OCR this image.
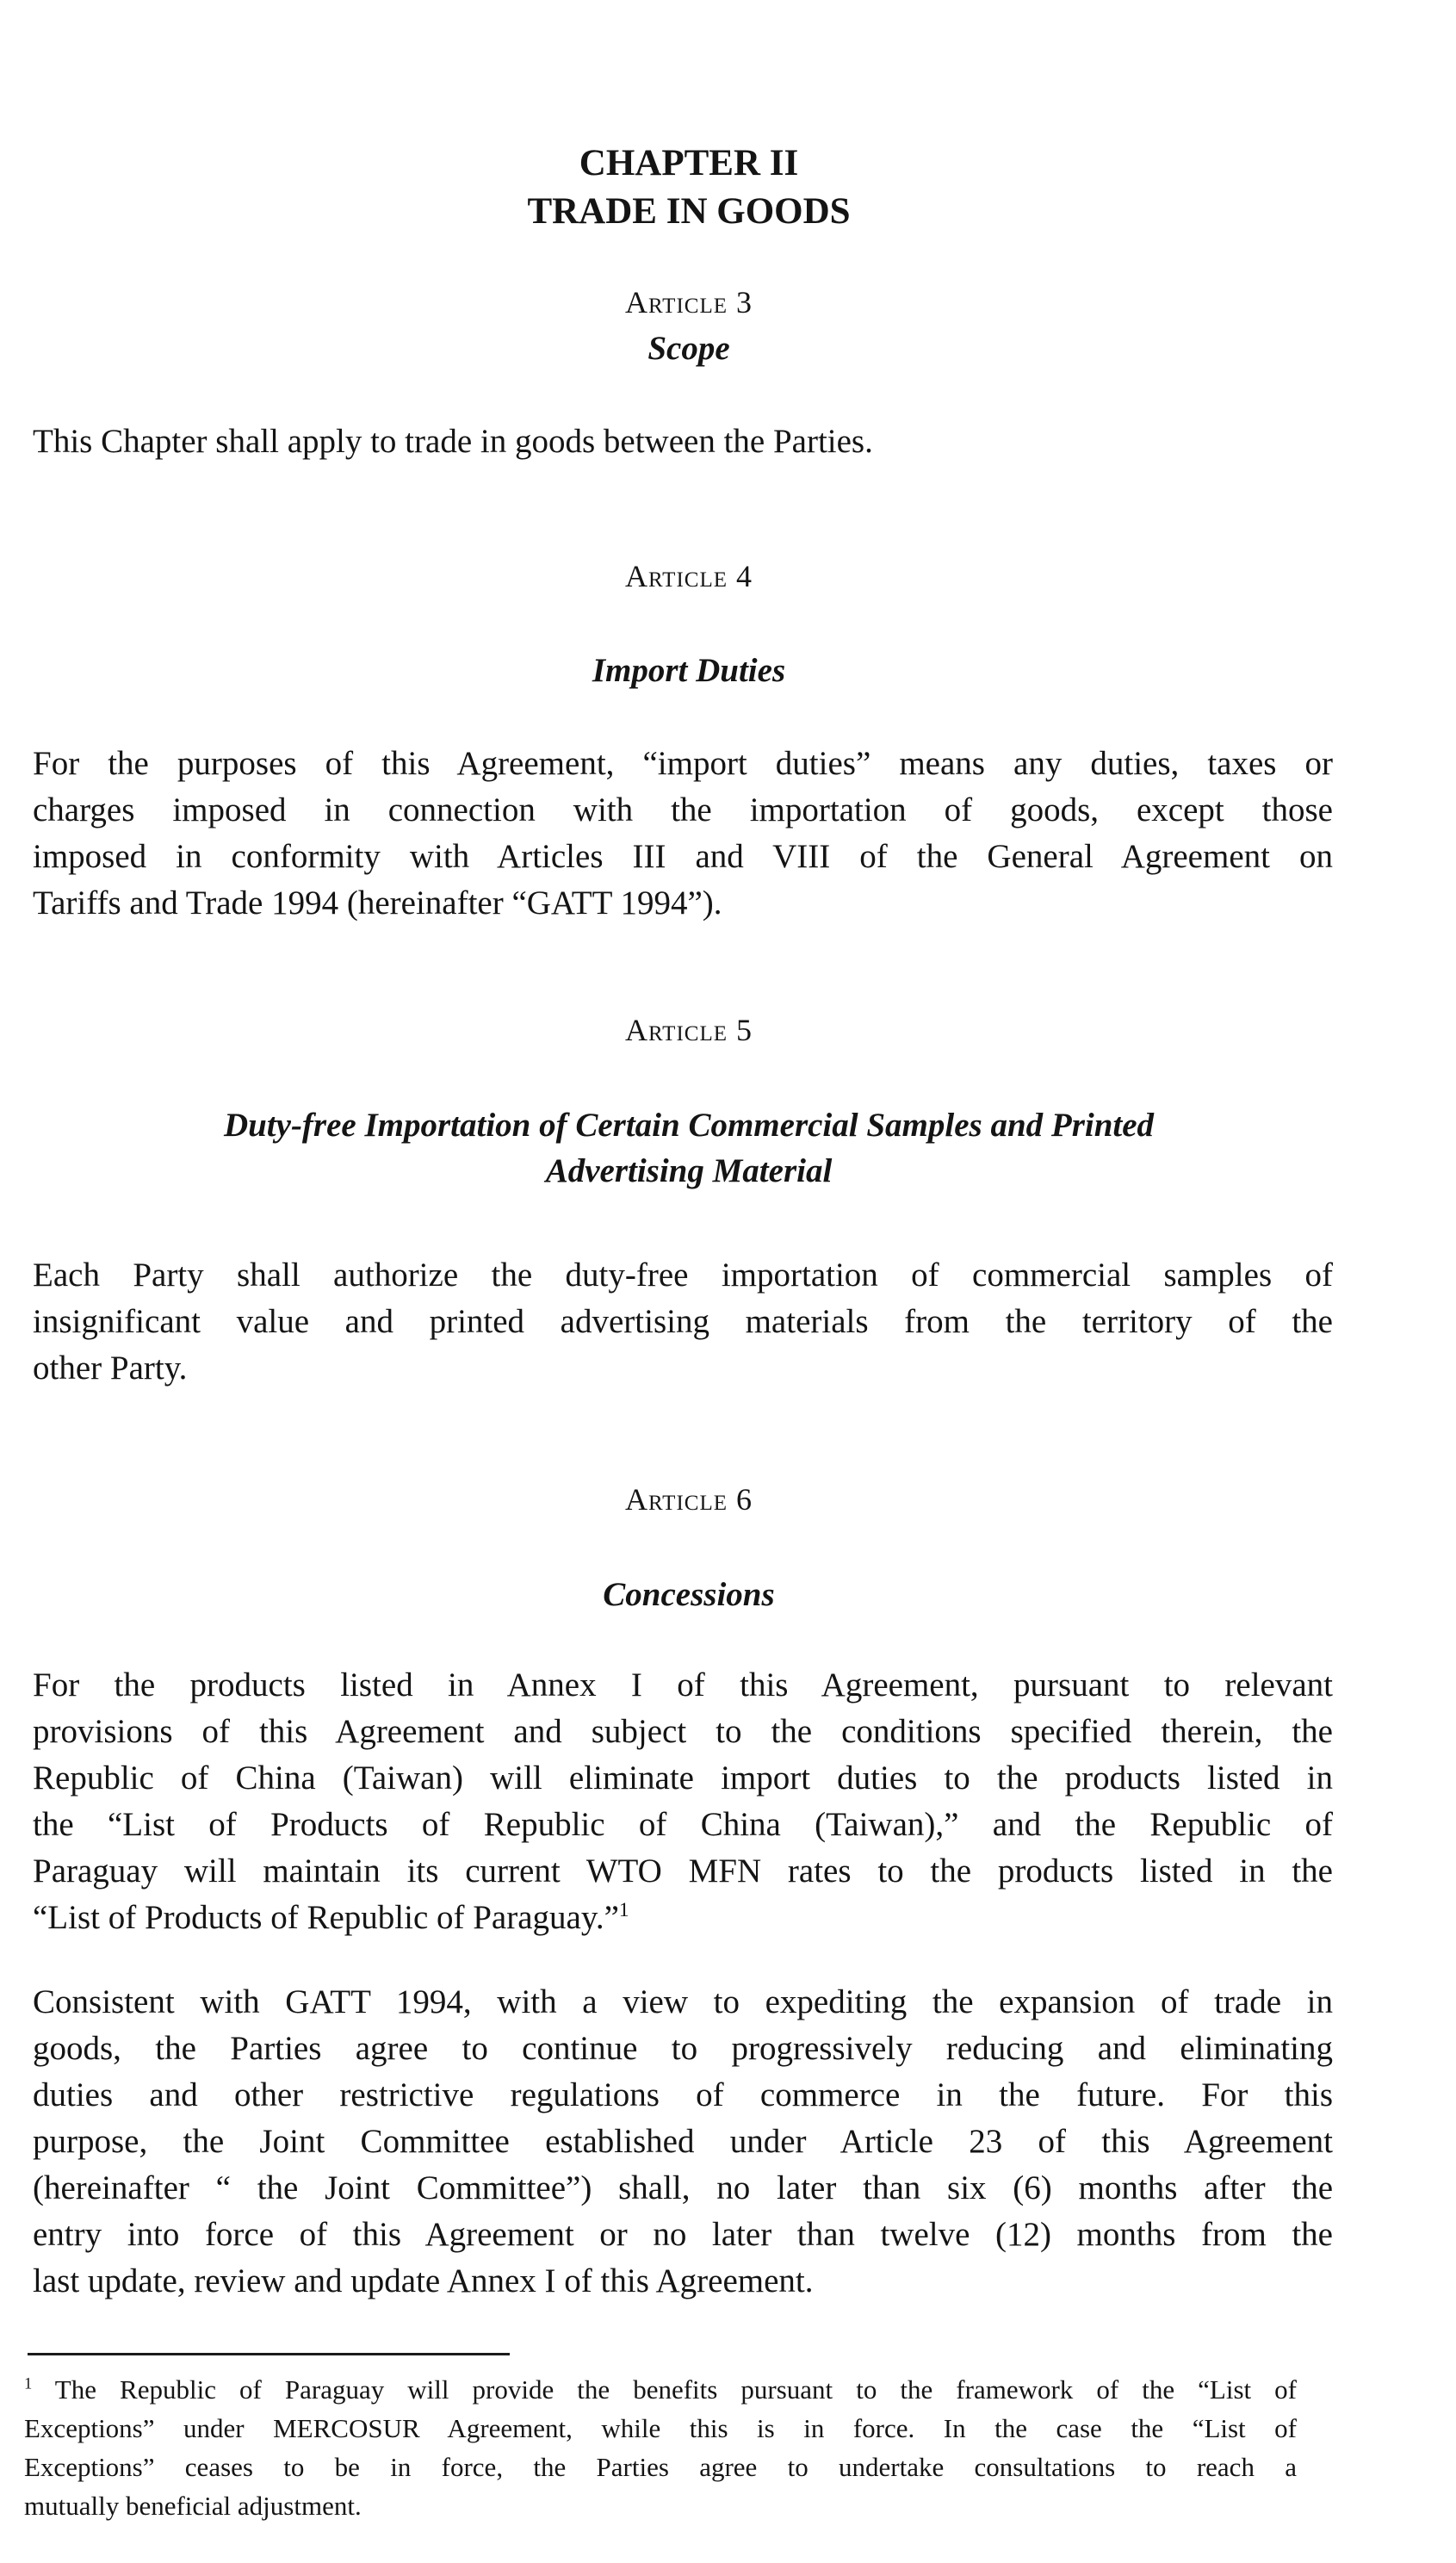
CHAPTER II
TRADE IN GOODS
Article 3
Scope
This Chapter shall apply to trade in goods between the Parties.
Article 4
Import Duties
For the purposes of this Agreement, “import duties” means any duties, taxes or
charges imposed in connection with the importation of goods, except those
imposed in conformity with Articles III and VIII of the General Agreement on
Tariffs and Trade 1994 (hereinafter “GATT 1994”).
Article 5
Duty-free Importation of Certain Commercial Samples and Printed
Advertising Material
Each Party shall authorize the duty-free importation of commercial samples of
insignificant value and printed advertising materials from the territory of the
other Party.
Article 6
Concessions
For the products listed in Annex I of this Agreement, pursuant to relevant
provisions of this Agreement and subject to the conditions specified therein, the
Republic of China (Taiwan) will eliminate import duties to the products listed in
the “List of Products of Republic of China (Taiwan),” and the Republic of
Paraguay will maintain its current WTO MFN rates to the products listed in the
“List of Products of Republic of Paraguay.”$^1$
Consistent with GATT 1994, with a view to expediting the expansion of trade in
goods, the Parties agree to continue to progressively reducing and eliminating
duties and other restrictive regulations of commerce in the future. For this
purpose, the Joint Committee established under Article 23 of this Agreement
(hereinafter “ the Joint Committee”) shall, no later than six (6) months after the
entry into force of this Agreement or no later than twelve (12) months from the
last update, review and update Annex I of this Agreement.
$^1$ The Republic of Paraguay will provide the benefits pursuant to the framework of the “List of
Exceptions” under MERCOSUR Agreement, while this is in force. In the case the “List of
Exceptions” ceases to be in force, the Parties agree to undertake consultations to reach a
mutually beneficial adjustment.
